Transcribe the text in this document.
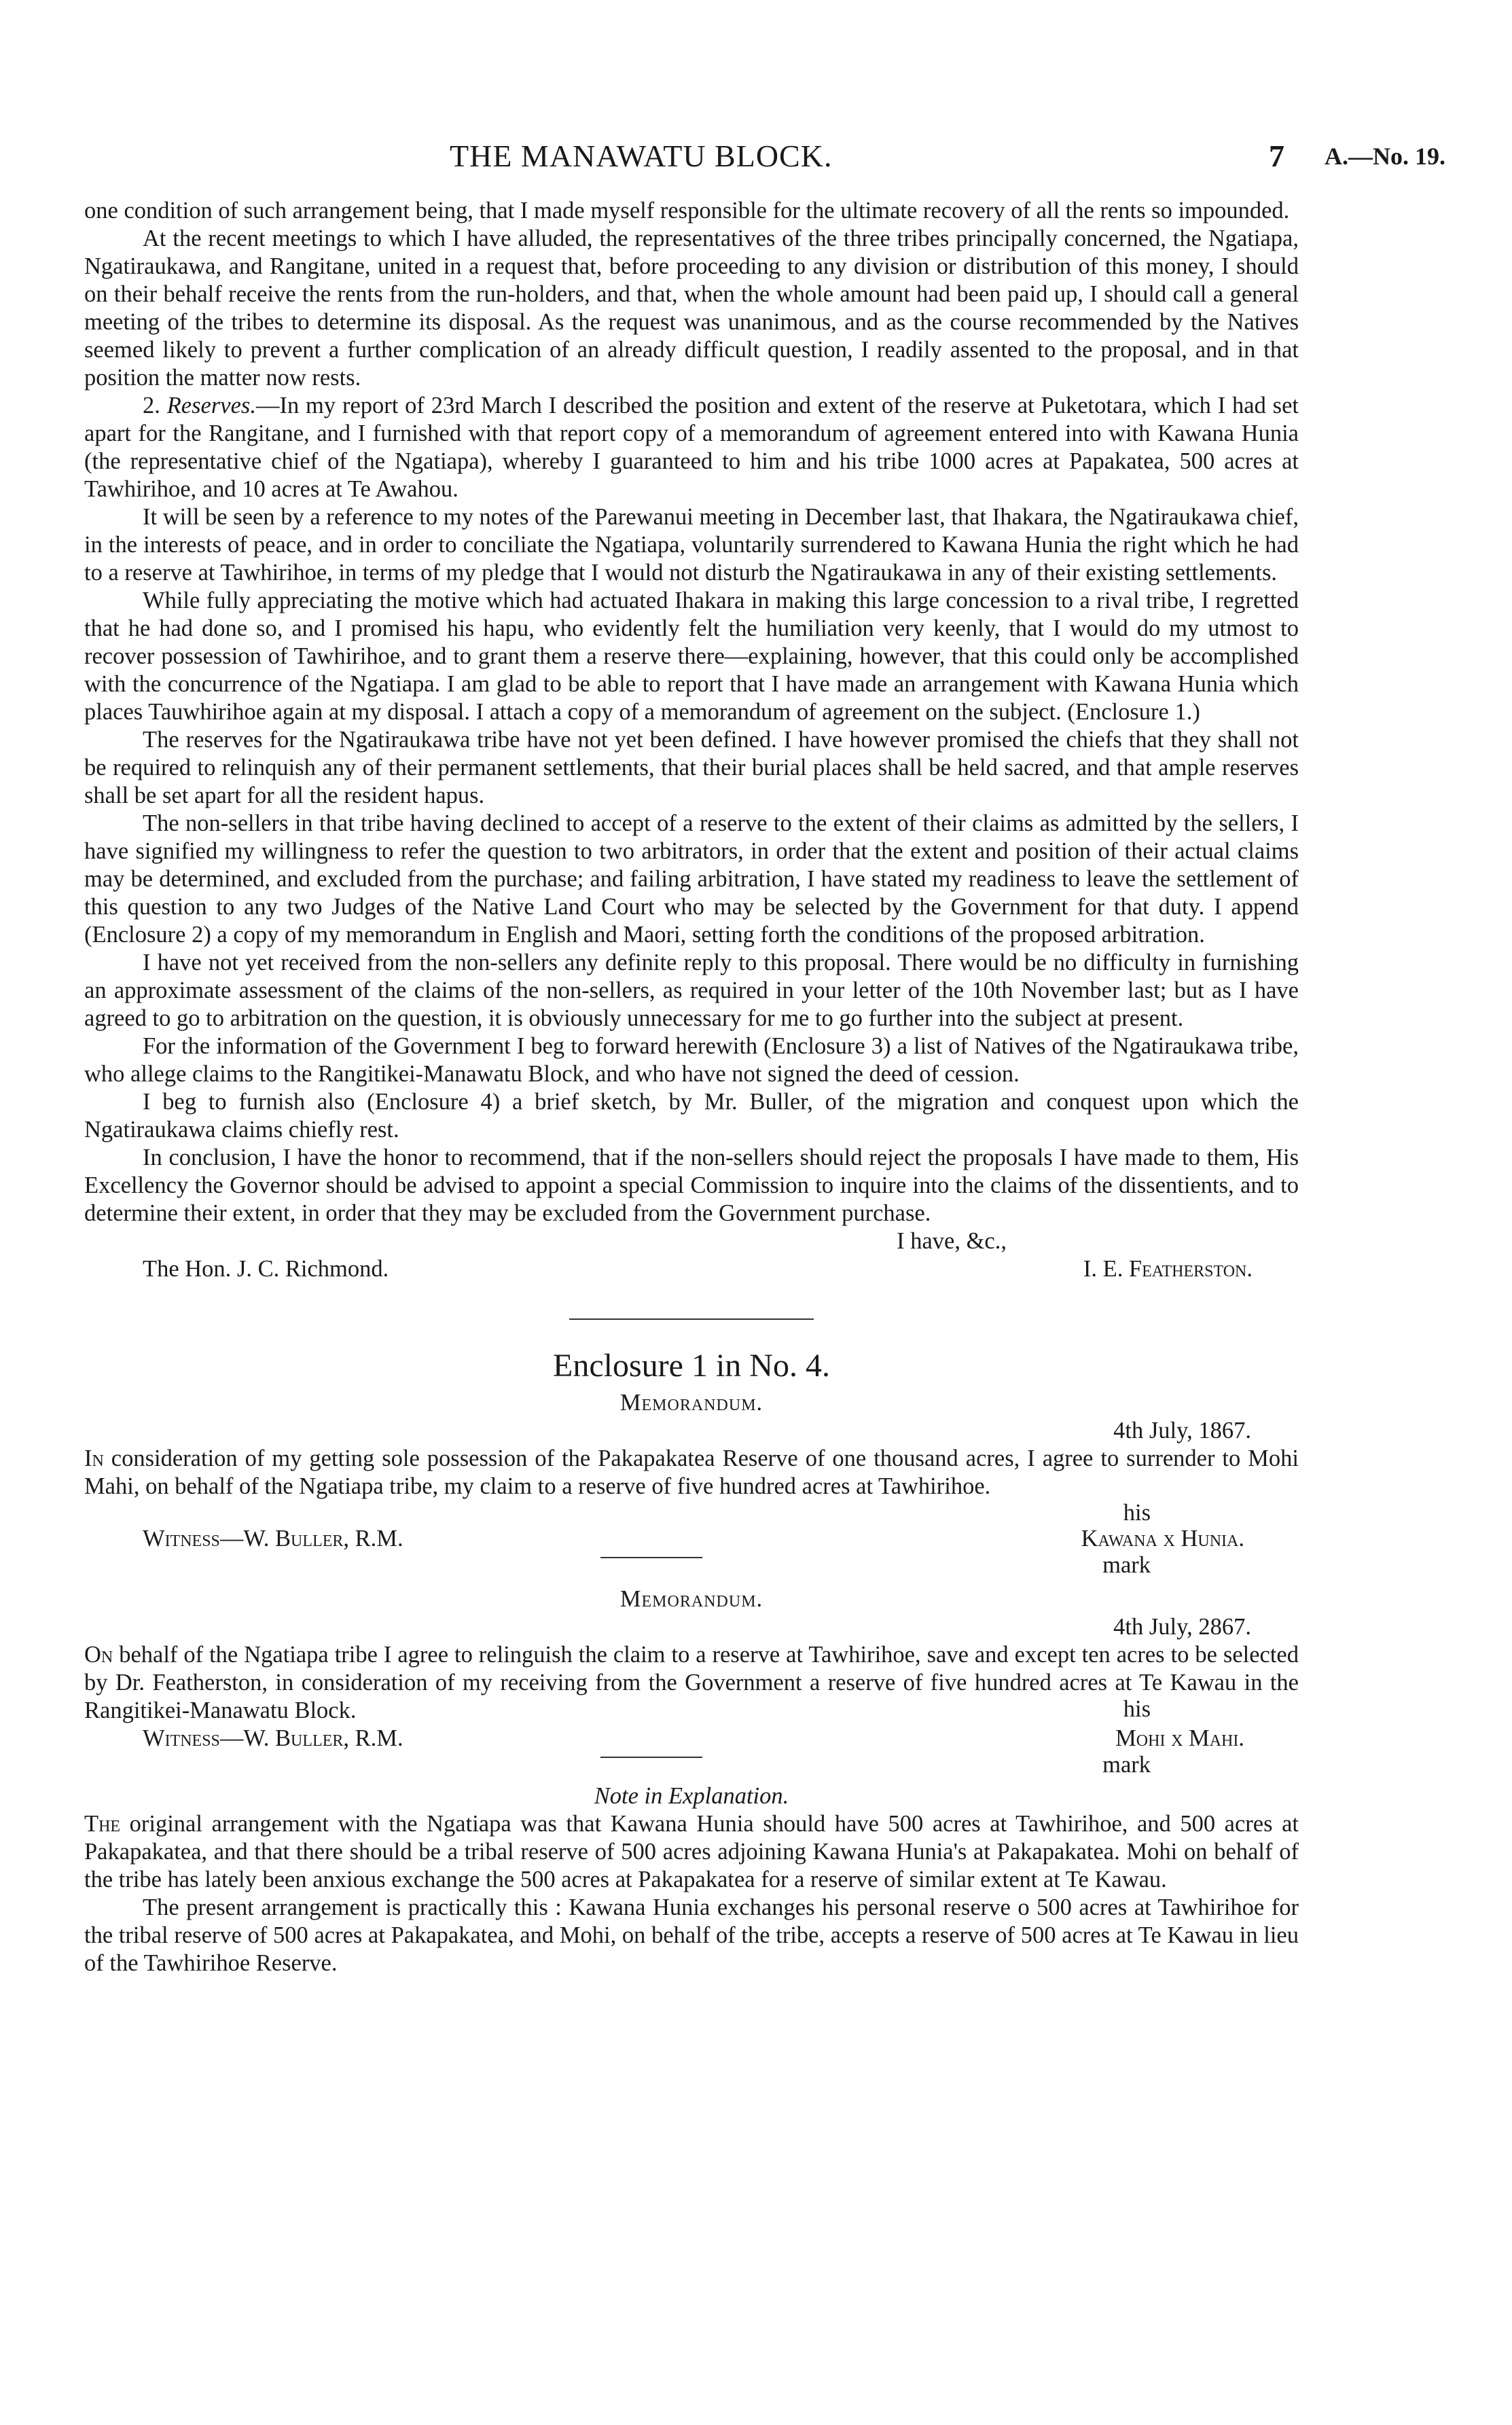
THE MANAWATU BLOCK.	7 A.—No. 19.

one condition of such arrangement being, that I made myself responsible for the ultimate recovery of all the rents so impounded.

At the recent meetings to which I have alluded, the representatives of the three tribes principally concerned, the Ngatiapa, Ngatiraukawa, and Rangitane, united in a request that, before proceeding to any division or distribution of this money, I should on their behalf receive the rents from the run-holders, and that, when the whole amount had been paid up, I should call a general meeting of the tribes to determine its disposal. As the request was unanimous, and as the course recommended by the Natives seemed likely to prevent a further complication of an already difficult question, I readily assented to the proposal, and in that position the matter now rests.

2. Reserves.—In my report of 23rd March I described the position and extent of the reserve at Puketotara, which I had set apart for the Rangitane, and I furnished with that report copy of a memorandum of agreement entered into with Kawana Hunia (the representative chief of the Ngatiapa), whereby I guaranteed to him and his tribe 1000 acres at Papakatea, 500 acres at Tawhirihoe, and 10 acres at Te Awahou.

It will be seen by a reference to my notes of the Parewanui meeting in December last, that Ihakara, the Ngatiraukawa chief, in the interests of peace, and in order to conciliate the Ngatiapa, voluntarily surrendered to Kawana Hunia the right which he had to a reserve at Tawhirihoe, in terms of my pledge that I would not disturb the Ngatiraukawa in any of their existing settlements.

While fully appreciating the motive which had actuated Ihakara in making this large concession to a rival tribe, I regretted that he had done so, and I promised his hapu, who evidently felt the humiliation very keenly, that I would do my utmost to recover possession of Tawhirihoe, and to grant them a reserve there—explaining, however, that this could only be accomplished with the concurrence of the Ngatiapa. I am glad to be able to report that I have made an arrangement with Kawana Hunia which places Tauwhirihoe again at my disposal. I attach a copy of a memorandum of agreement on the subject. (Enclosure 1.)

The reserves for the Ngatiraukawa tribe have not yet been defined. I have however promised the chiefs that they shall not be required to relinquish any of their permanent settlements, that their burial places shall be held sacred, and that ample reserves shall be set apart for all the resident hapus.

The non-sellers in that tribe having declined to accept of a reserve to the extent of their claims as admitted by the sellers, I have signified my willingness to refer the question to two arbitrators, in order that the extent and position of their actual claims may be determined, and excluded from the purchase; and failing arbitration, I have stated my readiness to leave the settlement of this question to any two Judges of the Native Land Court who may be selected by the Government for that duty. I append (Enclosure 2) a copy of my memorandum in English and Maori, setting forth the conditions of the proposed arbitration.

I have not yet received from the non-sellers any definite reply to this proposal. There would be no difficulty in furnishing an approximate assessment of the claims of the non-sellers, as required in your letter of the 10th November last; but as I have agreed to go to arbitration on the question, it is obviously unnecessary for me to go further into the subject at present.

For the information of the Government I beg to forward herewith (Enclosure 3) a list of Natives of the Ngatiraukawa tribe, who allege claims to the Rangitikei-Manawatu Block, and who have not signed the deed of cession.

I beg to furnish also (Enclosure 4) a brief sketch, by Mr. Buller, of the migration and conquest upon which the Ngatiraukawa claims chiefly rest.

In conclusion, I have the honor to recommend, that if the non-sellers should reject the proposals I have made to them, His Excellency the Governor should be advised to appoint a special Commission to inquire into the claims of the dissentients, and to determine their extent, in order that they may be excluded from the Government purchase.

I have, &c.,
The Hon. J. C. Richmond.	I. E. Featherston.
Enclosure 1 in No. 4.
Memorandum.
4th July, 1867.

In consideration of my getting sole possession of the Pakapakatea Reserve of one thousand acres, I agree to surrender to Mohi Mahi, on behalf of the Ngatiapa tribe, my claim to a reserve of five hundred acres at Tawhirihoe.

his
Witness—W. Buller, R.M.	Kawana x Hunia.
mark
Memorandum.
4th July, 2867.

On behalf of the Ngatiapa tribe I agree to relinguish the claim to a reserve at Tawhirihoe, save and except ten acres to be selected by Dr. Featherston, in consideration of my receiving from the Government a reserve of five hundred acres at Te Kawau in the Rangitikei-Manawatu Block.	his
Witness—W. Buller, R.M.	Mohi x Mahi.
mark
Note in Explanation.

The original arrangement with the Ngatiapa was that Kawana Hunia should have 500 acres at Tawhirihoe, and 500 acres at Pakapakatea, and that there should be a tribal reserve of 500 acres adjoining Kawana Hunia's at Pakapakatea. Mohi on behalf of the tribe has lately been anxious exchange the 500 acres at Pakapakatea for a reserve of similar extent at Te Kawau.

The present arrangement is practically this : Kawana Hunia exchanges his personal reserve o 500 acres at Tawhirihoe for the tribal reserve of 500 acres at Pakapakatea, and Mohi, on behalf of the tribe, accepts a reserve of 500 acres at Te Kawau in lieu of the Tawhirihoe Reserve.
